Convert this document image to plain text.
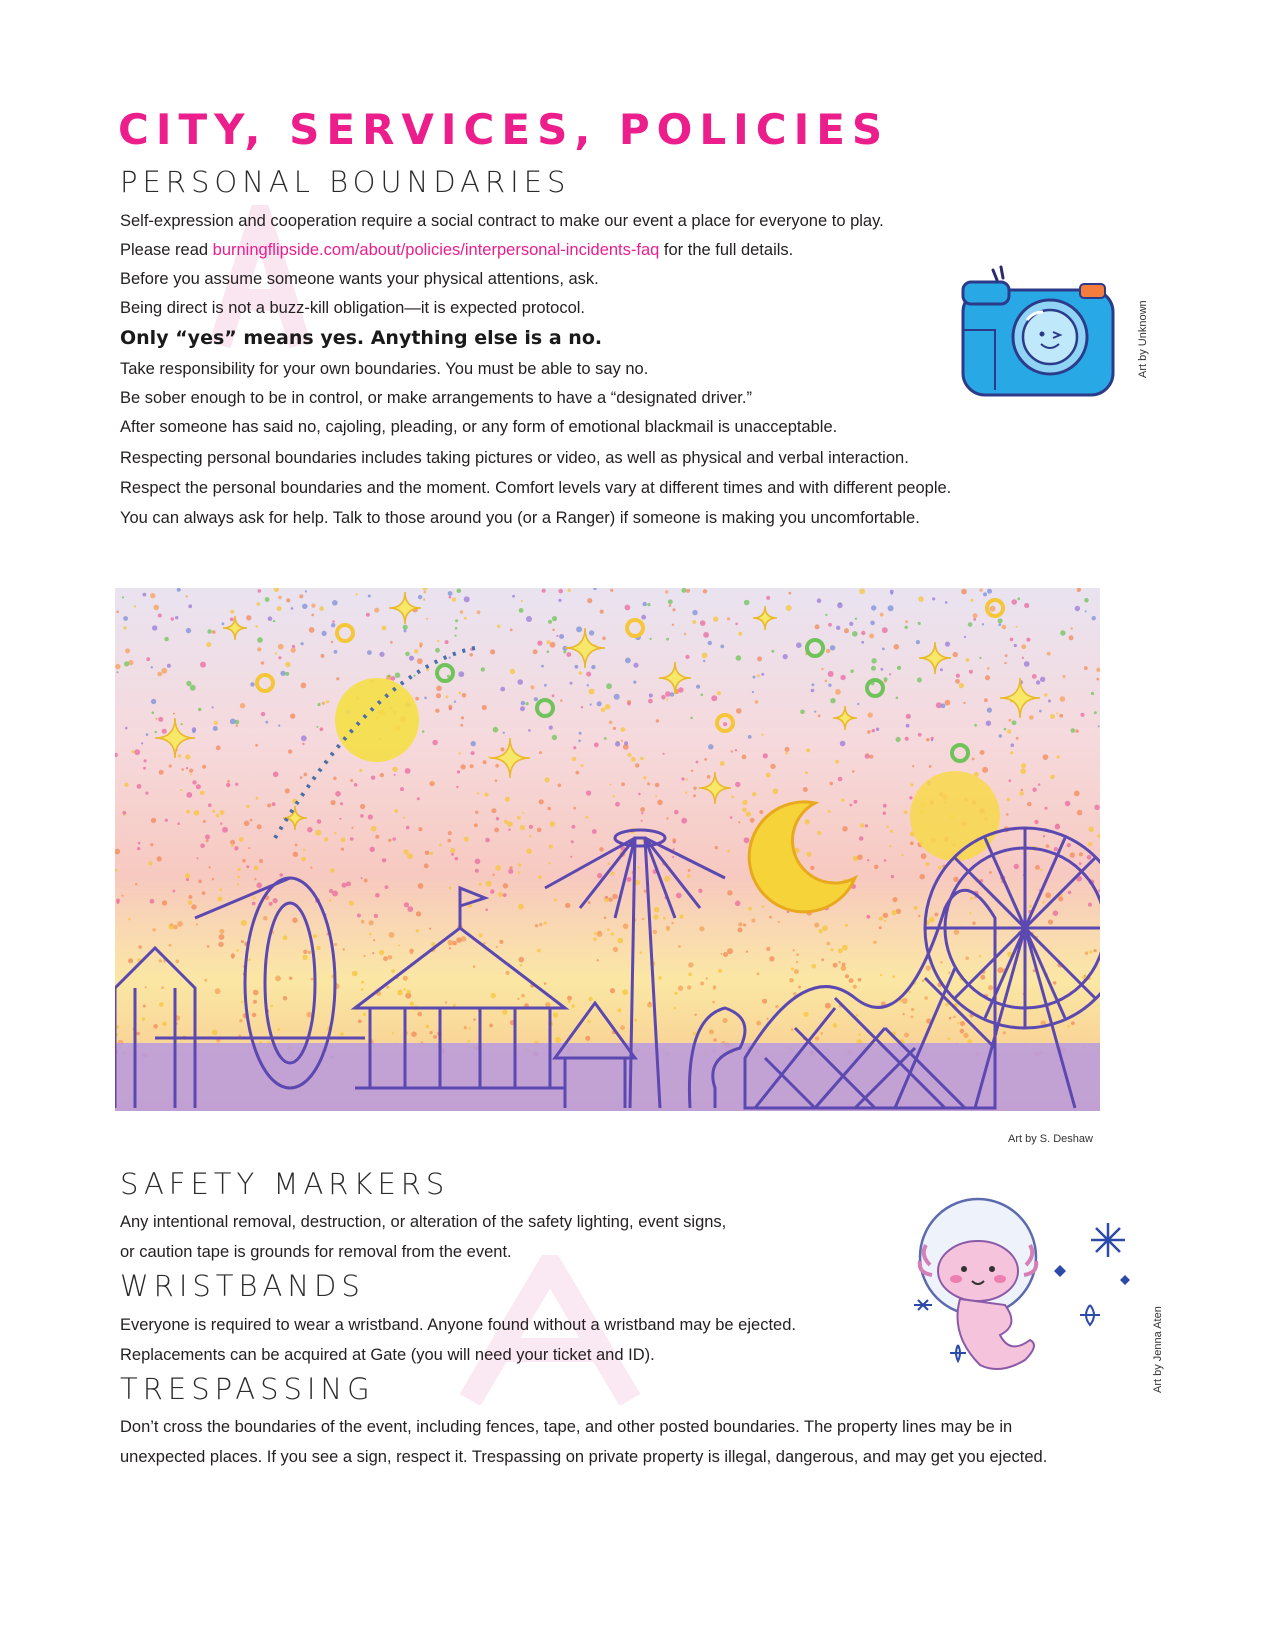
CITY, SERVICES, POLICIES
PERSONAL BOUNDARIES

Self-expression and cooperation require a social contract to make our event a place for everyone to play.

Please read burningflipside.com/about/policies/interpersonal-incidents-faq for the full details.

Before you assume someone wants your physical attentions, ask.

Being direct is not a buzz-kill obligation—it is expected protocol.

Only “yes” means yes. Anything else is a no.

Take responsibility for your own boundaries. You must be able to say no.

Be sober enough to be in control, or make arrangements to have a “designated driver.”

After someone has said no, cajoling, pleading, or any form of emotional blackmail is unacceptable.

Respecting personal boundaries includes taking pictures or video, as well as physical and verbal interaction.

Respect the personal boundaries and the moment. Comfort levels vary at different times and with different people.

You can always ask for help. Talk to those around you (or a Ranger) if someone is making you uncomfortable.

Art by Unknown
Art by S. Deshaw
SAFETY MARKERS

Any intentional removal, destruction, or alteration of the safety lighting, event signs,

or caution tape is grounds for removal from the event.

WRISTBANDS

Everyone is required to wear a wristband. Anyone found without a wristband may be ejected.

Replacements can be acquired at Gate (you will need your ticket and ID).

TRESPASSING

Don’t cross the boundaries of the event, including fences, tape, and other posted boundaries. The property lines may be in

unexpected places. If you see a sign, respect it. Trespassing on private property is illegal, dangerous, and may get you ejected.

Art by Jenna Aten
